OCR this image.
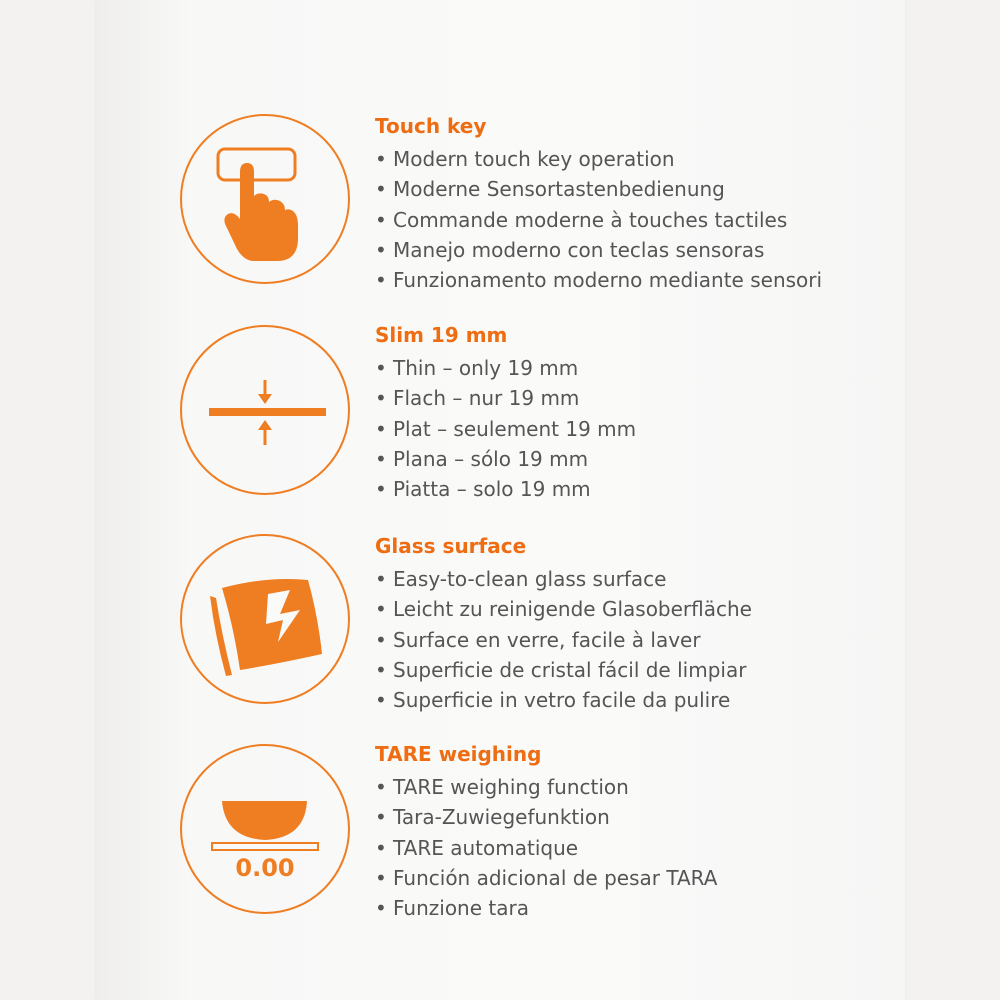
Touch key
• Modern touch key operation
• Moderne Sensortastenbedienung
• Commande moderne à touches tactiles
• Manejo moderno con teclas sensoras
• Funzionamento moderno mediante sensori
Slim 19 mm
• Thin – only 19 mm
• Flach – nur 19 mm
• Plat – seulement 19 mm
• Plana – sólo 19 mm
• Piatta – solo 19 mm
Glass surface
• Easy-to-clean glass surface
• Leicht zu reinigende Glasoberfläche
• Surface en verre, facile à laver
• Superficie de cristal fácil de limpiar
• Superficie in vetro facile da pulire
0.00
TARE weighing
• TARE weighing function
• Tara-Zuwiegefunktion
• TARE automatique
• Función adicional de pesar TARA
• Funzione tara
